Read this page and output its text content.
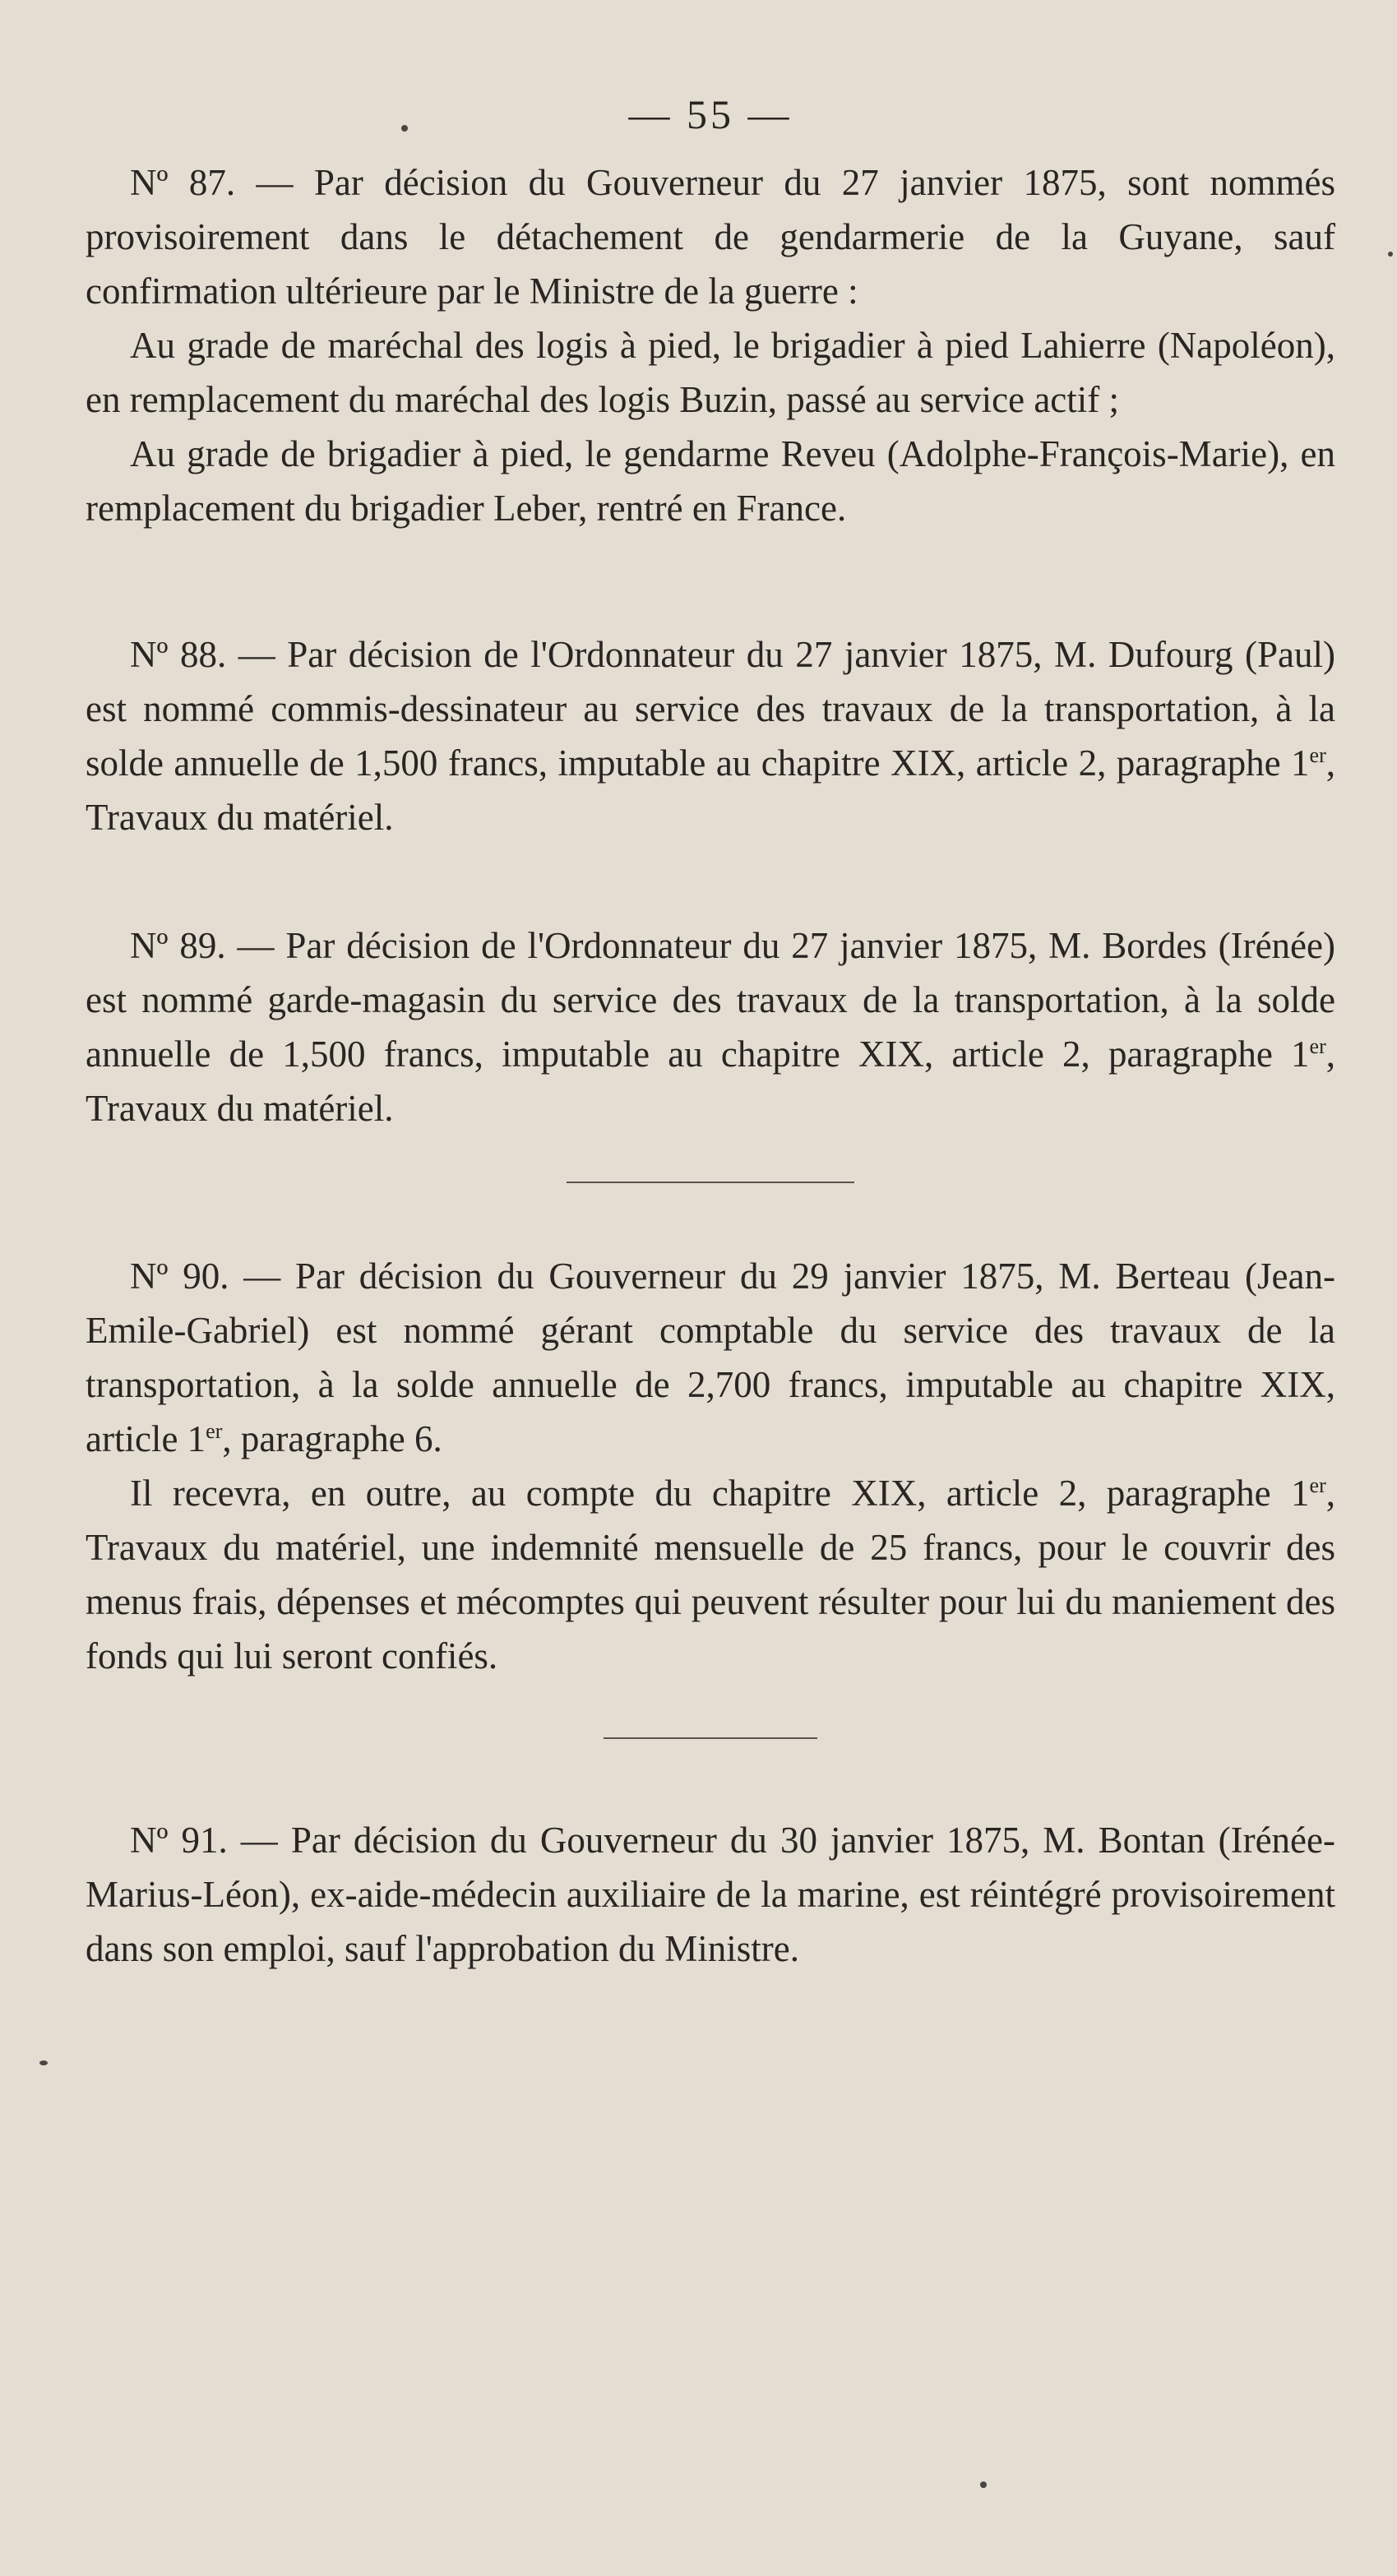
— 55 —

Nº 87. — Par décision du Gouverneur du 27 janvier 1875, sont nommés provisoirement dans le détachement de gendarmerie de la Guyane, sauf confirmation ultérieure par le Ministre de la guerre :

Au grade de maréchal des logis à pied, le brigadier à pied Lahierre (Napoléon), en remplacement du maréchal des logis Buzin, passé au service actif ;

Au grade de brigadier à pied, le gendarme Reveu (Adolphe-François-Marie), en remplacement du brigadier Leber, rentré en France.

Nº 88. — Par décision de l'Ordonnateur du 27 janvier 1875, M. Dufourg (Paul) est nommé commis-dessinateur au service des travaux de la transportation, à la solde annuelle de 1,500 francs, imputable au chapitre XIX, article 2, paragraphe 1er, Travaux du matériel.

Nº 89. — Par décision de l'Ordonnateur du 27 janvier 1875, M. Bordes (Irénée) est nommé garde-magasin du service des travaux de la transportation, à la solde annuelle de 1,500 francs, imputable au chapitre XIX, article 2, paragraphe 1er, Travaux du matériel.

Nº 90. — Par décision du Gouverneur du 29 janvier 1875, M. Berteau (Jean-Emile-Gabriel) est nommé gérant comptable du service des travaux de la transportation, à la solde annuelle de 2,700 francs, imputable au chapitre XIX, article 1er, paragraphe 6.

Il recevra, en outre, au compte du chapitre XIX, article 2, paragraphe 1er, Travaux du matériel, une indemnité mensuelle de 25 francs, pour le couvrir des menus frais, dépenses et mécomptes qui peuvent résulter pour lui du maniement des fonds qui lui seront confiés.

Nº 91. — Par décision du Gouverneur du 30 janvier 1875, M. Bontan (Irénée-Marius-Léon), ex-aide-médecin auxiliaire de la marine, est réintégré provisoirement dans son emploi, sauf l'approbation du Ministre.
